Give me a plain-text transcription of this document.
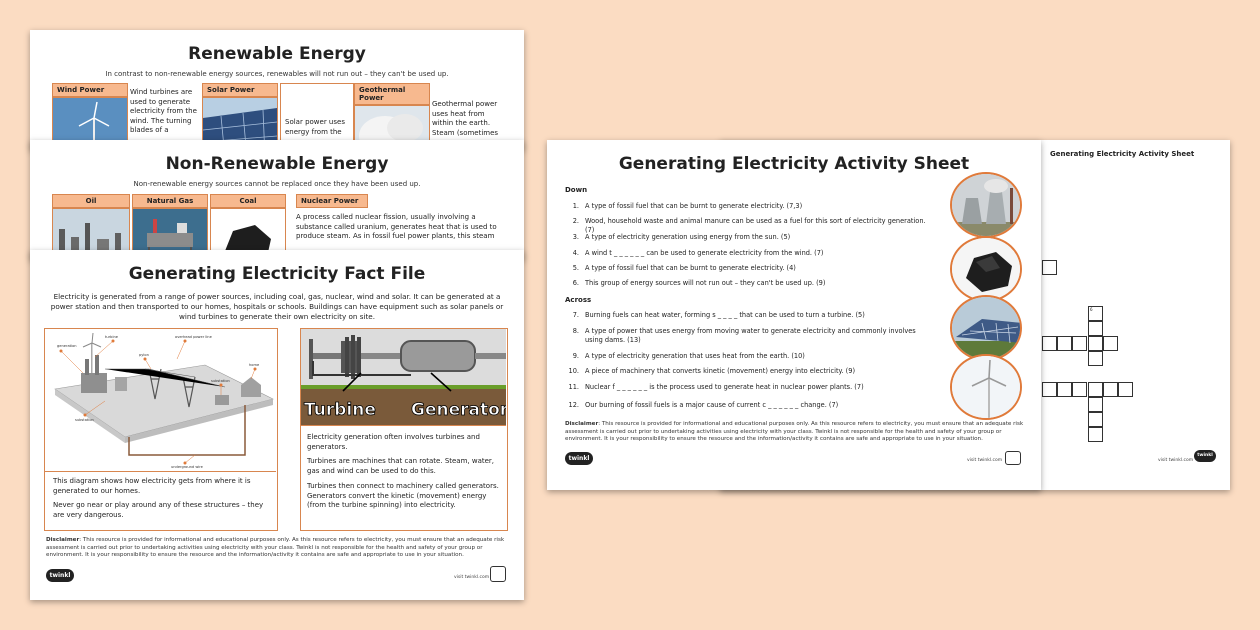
Generating Electricity Activity Sheet
6
visit twinkl.com
twinkl
Generating Electricity Activity Sheet
Down
1. A type of fossil fuel that can be burnt to generate electricity. (7,3)
2. Wood, household waste and animal manure can be used as a fuel for this sort of electricity generation. (7)
3. A type of electricity generation using energy from the sun. (5)
4. A wind t _ _ _ _ _ _ can be used to generate electricity from the wind. (7)
5. A type of fossil fuel that can be burnt to generate electricity. (4)
6. This group of energy sources will not run out – they can't be used up. (9)
Across
7. Burning fuels can heat water, forming s _ _ _ _ that can be used to turn a turbine. (5)
8. A type of power that uses energy from moving water to generate electricity and commonly involves using dams. (13)
9. A type of electricity generation that uses heat from the earth. (10)
10. A piece of machinery that converts kinetic (movement) energy into electricity. (9)
11. Nuclear f _ _ _ _ _ _ is the process used to generate heat in nuclear power plants. (7)
12. Our burning of fossil fuels is a major cause of current c _ _ _ _ _ _ change. (7)
Disclaimer: This resource is provided for informational and educational purposes only. As this resource refers to electricity, you must ensure that an adequate risk assessment is carried out prior to undertaking activities using electricity with your class. Twinkl is not responsible for the health and safety of your group or environment. It is your responsibility to ensure the resource and the information/activity it contains are safe and appropriate to use in your situation.
twinkl	visit twinkl.com
Renewable Energy
In contrast to non-renewable energy sources, renewables will not run out – they can't be used up.
Wind Power	Wind turbines are used to generate electricity from the wind. The turning blades of a
Solar Power
Solar power uses energy from the
Geothermal Power
Geothermal power uses heat from within the earth. Steam (sometimes
Non-Renewable Energy
Non-renewable energy sources cannot be replaced once they have been used up.
Oil	Natural Gas	Coal	Nuclear Power
A process called nuclear fission, usually involving a substance called uranium, generates heat that is used to produce steam. As in fossil fuel power plants, this steam
Generating Electricity Fact File
Electricity is generated from a range of power sources, including coal, gas, nuclear, wind and solar. It can be generated at a power station and then transported to our homes, hospitals or schools. Buildings can have equipment such as solar panels or wind turbines to generate their own electricity on site.
generation
turbine
pylon
overhead power line
substation
home
underground wire
substation
This diagram shows how electricity gets from where it is generated to our homes.
Never go near or play around any of these structures – they are very dangerous.
Turbine Generator
Electricity generation often involves turbines and generators.
Turbines are machines that can rotate. Steam, water, gas and wind can be used to do this.
Turbines then connect to machinery called generators. Generators convert the kinetic (movement) energy (from the turbine spinning) into electricity.
Disclaimer: This resource is provided for informational and educational purposes only. As this resource refers to electricity, you must ensure that an adequate risk assessment is carried out prior to undertaking activities using electricity with your class. Twinkl is not responsible for the health and safety of your group or environment. It is your responsibility to ensure the resource and the information/activity it contains are safe and appropriate to use in your situation.
twinkl	visit twinkl.com
